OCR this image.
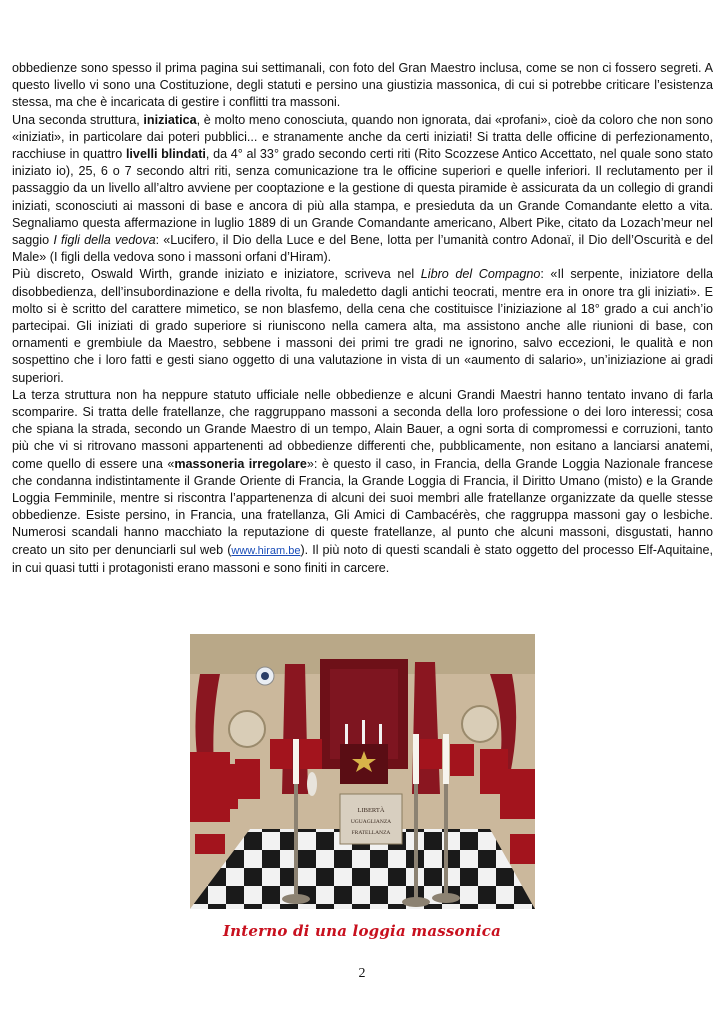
obbedienze sono spesso il prima pagina sui settimanali, con foto del Gran Maestro inclusa, come se non ci fossero segreti. A questo livello vi sono una Costituzione, degli statuti e persino una giustizia massonica, di cui si potrebbe criticare l’esistenza stessa, ma che è incaricata di gestire i conflitti tra massoni.

Una seconda struttura, iniziatica, è molto meno conosciuta, quando non ignorata, dai «profani», cioè da coloro che non sono «iniziati», in particolare dai poteri pubblici... e stranamente anche da certi iniziati! Si tratta delle officine di perfezionamento, racchiuse in quattro livelli blindati, da 4° al 33° grado secondo certi riti (Rito Scozzese Antico Accettato, nel quale sono stato iniziato io), 25, 6 o 7 secondo altri riti, senza comunicazione tra le officine superiori e quelle inferiori. Il reclutamento per il passaggio da un livello all’altro avviene per cooptazione e la gestione di questa piramide è assicurata da un collegio di grandi iniziati, sconosciuti ai massoni di base e ancora di più alla stampa, e presieduta da un Grande Comandante eletto a vita. Segnaliamo questa affermazione in luglio 1889 di un Grande Comandante americano, Albert Pike, citato da Lozach’meur nel saggio I figli della vedova: «Lucifero, il Dio della Luce e del Bene, lotta per l’umanità contro Adonaï, il Dio dell’Oscurità e del Male» (I figli della vedova sono i massoni orfani d’Hiram).

Più discreto, Oswald Wirth, grande iniziato e iniziatore, scriveva nel Libro del Compagno: «Il serpente, iniziatore della disobbedienza, dell’insubordinazione e della rivolta, fu maledetto dagli antichi teocrati, mentre era in onore tra gli iniziati». E molto si è scritto del carattere mimetico, se non blasfemo, della cena che costituisce l’iniziazione al 18° grado a cui anch’io partecipai. Gli iniziati di grado superiore si riuniscono nella camera alta, ma assistono anche alle riunioni di base, con ornamenti e grembiule da Maestro, sebbene i massoni dei primi tre gradi ne ignorino, salvo eccezioni, le qualità e non sospettino che i loro fatti e gesti siano oggetto di una valutazione in vista di un «aumento di salario», un’iniziazione ai gradi superiori.

La terza struttura non ha neppure statuto ufficiale nelle obbedienze e alcuni Grandi Maestri hanno tentato invano di farla scomparire. Si tratta delle fratellanze, che raggruppano massoni a seconda della loro professione o dei loro interessi; cosa che spiana la strada, secondo un Grande Maestro di un tempo, Alain Bauer, a ogni sorta di compromessi e corruzioni, tanto più che vi si ritrovano massoni appartenenti ad obbedienze differenti che, pubblicamente, non esitano a lanciarsi anatemi, come quello di essere una «massoneria irregolare»: è questo il caso, in Francia, della Grande Loggia Nazionale francese che condanna indistintamente il Grande Oriente di Francia, la Grande Loggia di Francia, il Diritto Umano (misto) e la Grande Loggia Femminile, mentre si riscontra l’appartenenza di alcuni dei suoi membri alle fratellanze organizzate da quelle stesse obbedienze. Esiste persino, in Francia, una fratellanza, Gli Amici di Cambacérès, che raggruppa massoni gay o lesbiche. Numerosi scandali hanno macchiato la reputazione di queste fratellanze, al punto che alcuni massoni, disgustati, hanno creato un sito per denunciarli sul web (www.hiram.be). Il più noto di questi scandali è stato oggetto del processo Elf-Aquitaine, in cui quasi tutti i protagonisti erano massoni e sono finiti in carcere.

LIBERTÀ
UGUAGLIANZA
FRATELLANZA
Interno di una loggia massonica
2
